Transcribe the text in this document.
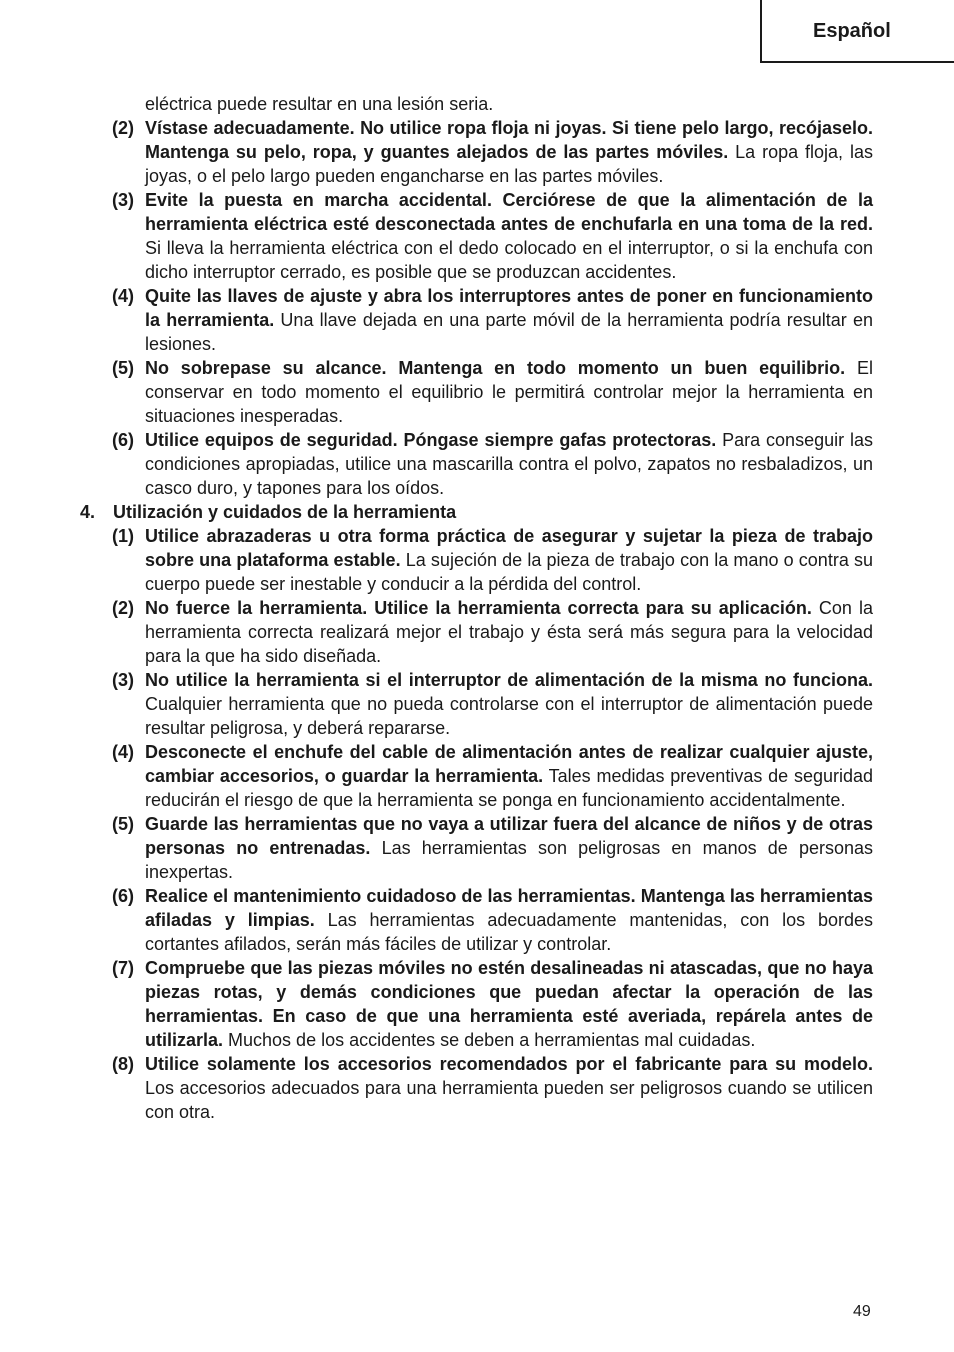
Español
eléctrica puede resultar en una lesión seria.
(2) Vístase adecuadamente. No utilice ropa floja ni joyas. Si tiene pelo largo, recójaselo. Mantenga su pelo, ropa, y guantes alejados de las partes móviles. La ropa floja, las joyas, o el pelo largo pueden engancharse en las partes móviles.
(3) Evite la puesta en marcha accidental. Cerciórese de que la alimentación de la herramienta eléctrica esté desconectada antes de enchufarla en una toma de la red. Si lleva la herramienta eléctrica con el dedo colocado en el interruptor, o si la enchufa con dicho interruptor cerrado, es posible que se produzcan accidentes.
(4) Quite las llaves de ajuste y abra los interruptores antes de poner en funcionamiento la herramienta. Una llave dejada en una parte móvil de la herramienta podría resultar en lesiones.
(5) No sobrepase su alcance. Mantenga en todo momento un buen equilibrio. El conservar en todo momento el equilibrio le permitirá controlar mejor la herramienta en situaciones inesperadas.
(6) Utilice equipos de seguridad. Póngase siempre gafas protectoras. Para conseguir las condiciones apropiadas, utilice una mascarilla contra el polvo, zapatos no resbaladizos, un casco duro, y tapones para los oídos.
4. Utilización y cuidados de la herramienta
(1) Utilice abrazaderas u otra forma práctica de asegurar y sujetar la pieza de trabajo sobre una plataforma estable. La sujeción de la pieza de trabajo con la mano o contra su cuerpo puede ser inestable y conducir a la pérdida del control.
(2) No fuerce la herramienta. Utilice la herramienta correcta para su aplicación. Con la herramienta correcta realizará mejor el trabajo y ésta será más segura para la velocidad para la que ha sido diseñada.
(3) No utilice la herramienta si el interruptor de alimentación de la misma no funciona. Cualquier herramienta que no pueda controlarse con el interruptor de alimentación puede resultar peligrosa, y deberá repararse.
(4) Desconecte el enchufe del cable de alimentación antes de realizar cualquier ajuste, cambiar accesorios, o guardar la herramienta. Tales medidas preventivas de seguridad reducirán el riesgo de que la herramienta se ponga en funcionamiento accidentalmente.
(5) Guarde las herramientas que no vaya a utilizar fuera del alcance de niños y de otras personas no entrenadas. Las herramientas son peligrosas en manos de personas inexpertas.
(6) Realice el mantenimiento cuidadoso de las herramientas. Mantenga las herramientas afiladas y limpias. Las herramientas adecuadamente mantenidas, con los bordes cortantes afilados, serán más fáciles de utilizar y controlar.
(7) Compruebe que las piezas móviles no estén desalineadas ni atascadas, que no haya piezas rotas, y demás condiciones que puedan afectar la operación de las herramientas. En caso de que una herramienta esté averiada, repárela antes de utilizarla. Muchos de los accidentes se deben a herramientas mal cuidadas.
(8) Utilice solamente los accesorios recomendados por el fabricante para su modelo. Los accesorios adecuados para una herramienta pueden ser peligrosos cuando se utilicen con otra.
49
